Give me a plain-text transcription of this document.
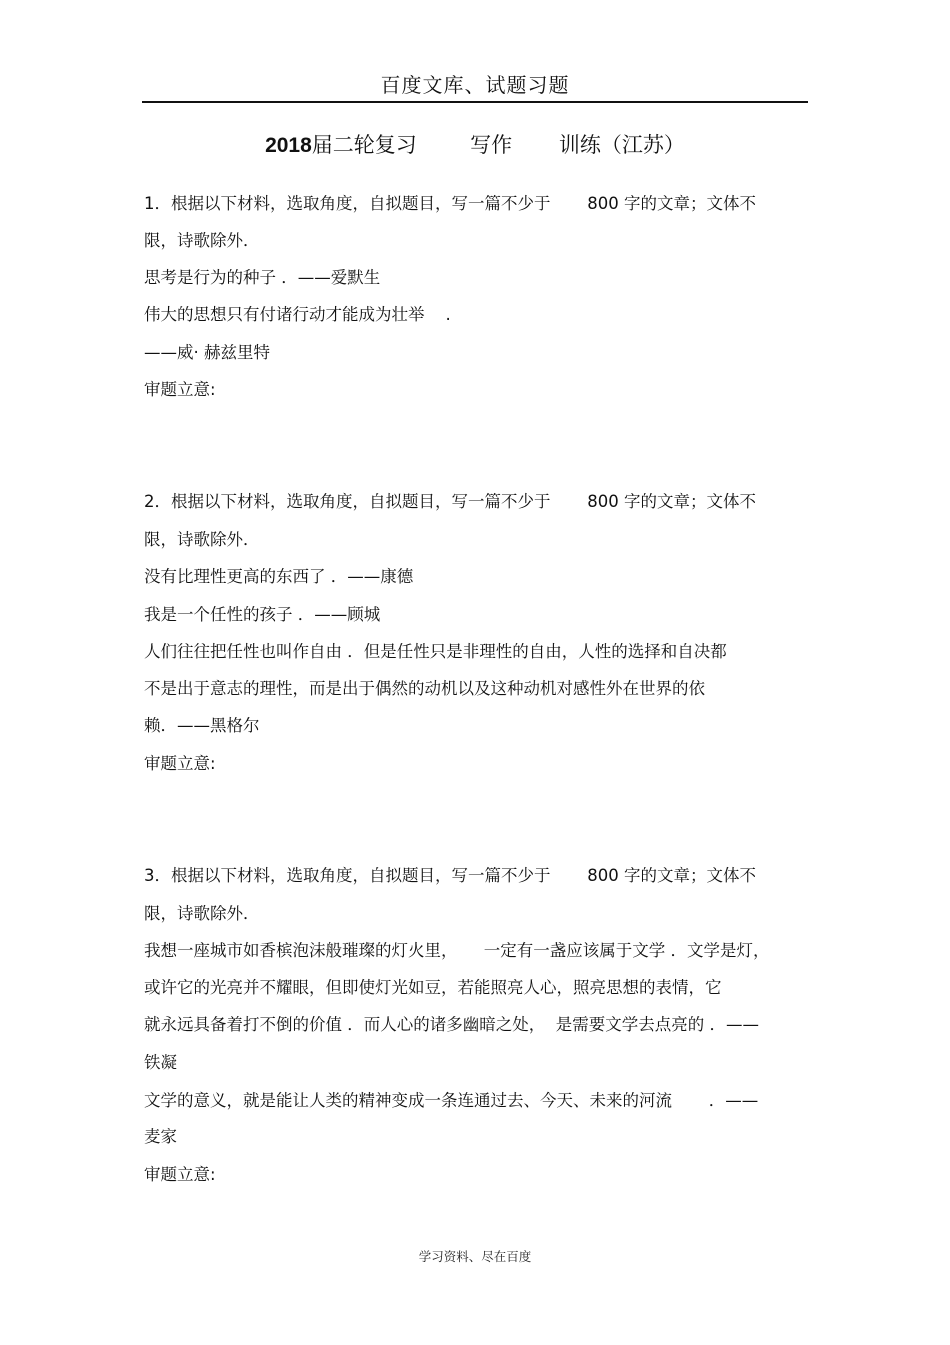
百度文库、试题习题
2018届二轮复习        写作       训练（江苏）
1．根据以下材料，选取角度，自拟题目，写一篇不少于       800 字的文章；文体不
限，诗歌除外．
思考是行为的种子 ．——爱默生
伟大的思想只有付诸行动才能成为壮举    .
——威· 赫兹里特
审题立意:
2．根据以下材料，选取角度，自拟题目，写一篇不少于       800 字的文章；文体不
限，诗歌除外．
没有比理性更高的东西了 ．——康德
我是一个任性的孩子 ．——顾城
人们往往把任性也叫作自由 ．但是任性只是非理性的自由，人性的选择和自决都
不是出于意志的理性，而是出于偶然的动机以及这种动机对感性外在世界的依
赖．——黑格尔
审题立意:
3．根据以下材料，选取角度，自拟题目，写一篇不少于       800 字的文章；文体不
限，诗歌除外．
我想一座城市如香槟泡沫般璀璨的灯火里，     一定有一盏应该属于文学 ．文学是灯，
或许它的光亮并不耀眼，但即使灯光如豆，若能照亮人心，照亮思想的表情，它
就永远具备着打不倒的价值 ．而人心的诸多幽暗之处，  是需要文学去点亮的 ．——
铁凝
文学的意义，就是能让人类的精神变成一条连通过去、今天、未来的河流       ．——
麦家
审题立意:
学习资料、尽在百度
